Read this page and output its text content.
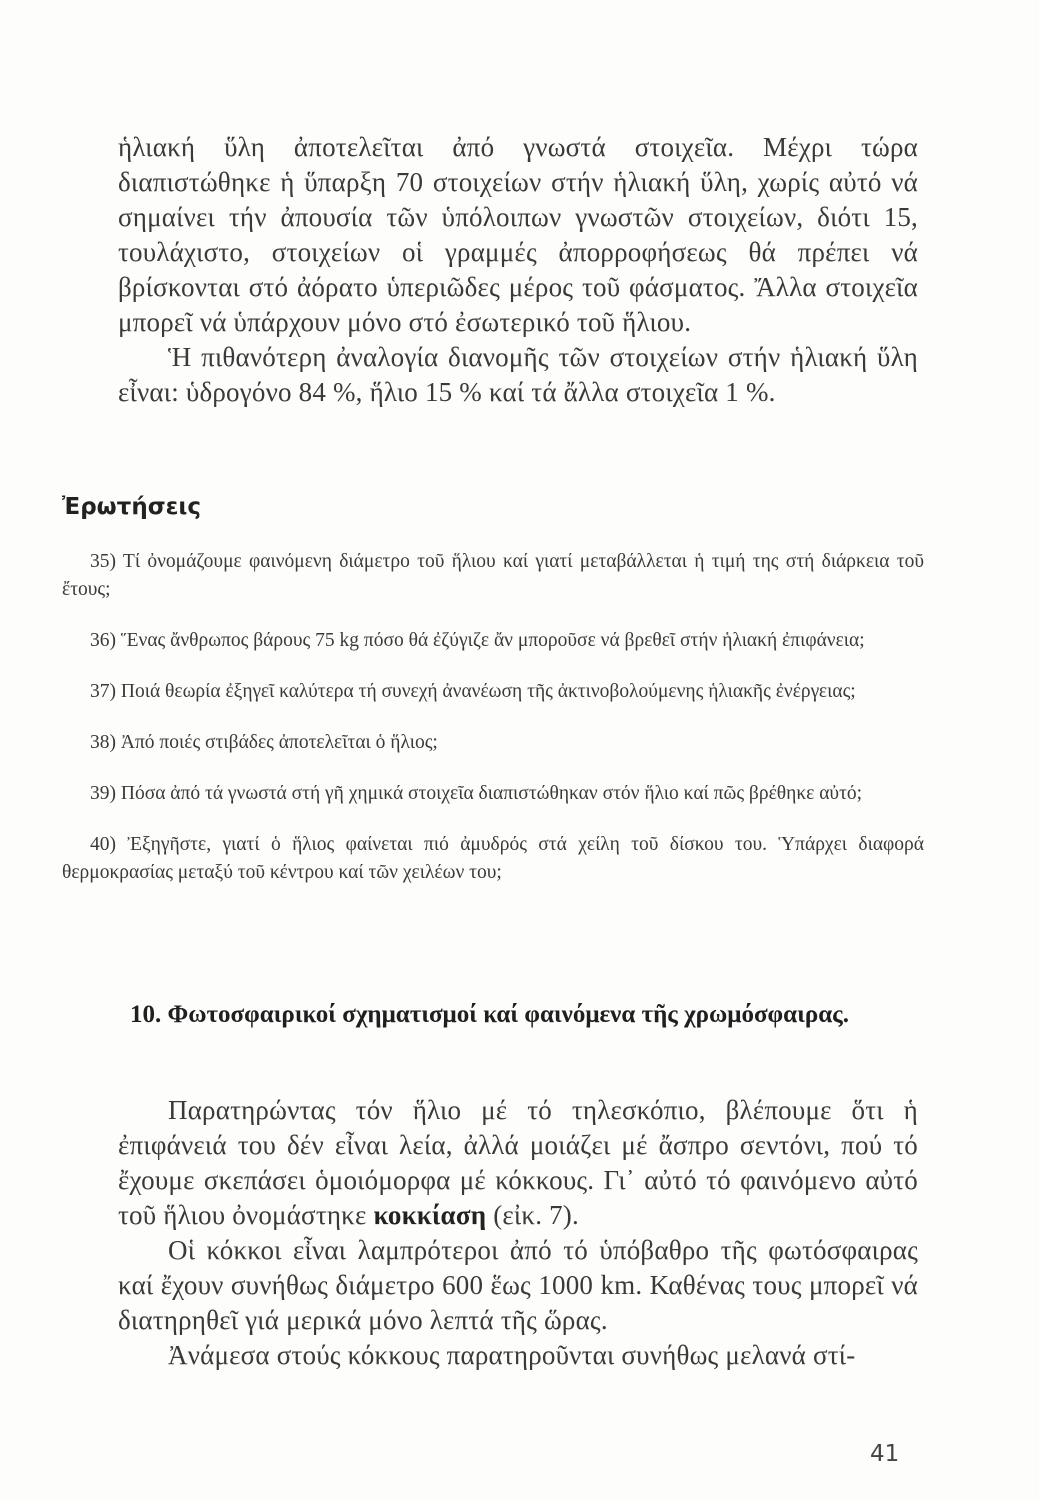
ἡλιακή ὕλη ἀποτελεῖται ἀπό γνωστά στοιχεῖα. Μέχρι τώρα διαπιστώθηκε ἡ ὕπαρξη 70 στοιχείων στήν ἡλιακή ὕλη, χωρίς αὐτό νά σημαίνει τήν ἀπουσία τῶν ὑπόλοιπων γνωστῶν στοιχείων, διότι 15, τουλάχιστο, στοιχείων οἱ γραμμές ἀπορροφήσεως θά πρέπει νά βρίσκονται στό ἀόρατο ὑπεριῶδες μέρος τοῦ φάσματος. Ἄλλα στοιχεῖα μπορεῖ νά ὑπάρχουν μόνο στό ἐσωτερικό τοῦ ἥλιου.

Ἡ πιθανότερη ἀναλογία διανομῆς τῶν στοιχείων στήν ἡλιακή ὕλη εἶναι: ὑδρογόνο 84 %, ἥλιο 15 % καί τά ἄλλα στοιχεῖα 1 %.

Ἐρωτήσεις

35) Τί ὀνομάζουμε φαινόμενη διάμετρο τοῦ ἥλιου καί γιατί μεταβάλλεται ἡ τιμή της στή διάρκεια τοῦ ἔτους;

36) Ἕνας ἄνθρωπος βάρους 75 kg πόσο θά ἐζύγιζε ἄν μποροῦσε νά βρεθεῖ στήν ἡλιακή ἐπιφάνεια;

37) Ποιά θεωρία ἐξηγεῖ καλύτερα τή συνεχή ἀνανέωση τῆς ἀκτινοβολούμενης ἡλιακῆς ἐνέργειας;

38) Ἀπό ποιές στιβάδες ἀποτελεῖται ὁ ἥλιος;

39) Πόσα ἀπό τά γνωστά στή γῆ χημικά στοιχεῖα διαπιστώθηκαν στόν ἥλιο καί πῶς βρέθηκε αὐτό;

40) Ἐξηγῆστε, γιατί ὁ ἥλιος φαίνεται πιό ἀμυδρός στά χείλη τοῦ δίσκου του. Ὑπάρχει διαφορά θερμοκρασίας μεταξύ τοῦ κέντρου καί τῶν χειλέων του;

10. Φωτοσφαιρικοί σχηματισμοί καί φαινόμενα τῆς χρωμόσφαιρας.

Παρατηρώντας τόν ἥλιο μέ τό τηλεσκόπιο, βλέπουμε ὅτι ἡ ἐπιφάνειά του δέν εἶναι λεία, ἀλλά μοιάζει μέ ἄσπρο σεντόνι, πού τό ἔχουμε σκεπάσει ὁμοιόμορφα μέ κόκκους. Γι᾽ αὐτό τό φαινόμενο αὐτό τοῦ ἥλιου ὀνομάστηκε κοκκίαση (εἰκ. 7).

Οἱ κόκκοι εἶναι λαμπρότεροι ἀπό τό ὑπόβαθρο τῆς φωτόσφαιρας καί ἔχουν συνήθως διάμετρο 600 ἕως 1000 km. Καθένας τους μπορεῖ νά διατηρηθεῖ γιά μερικά μόνο λεπτά τῆς ὥρας.

Ἀνάμεσα στούς κόκκους παρατηροῦνται συνήθως μελανά στί-

41
